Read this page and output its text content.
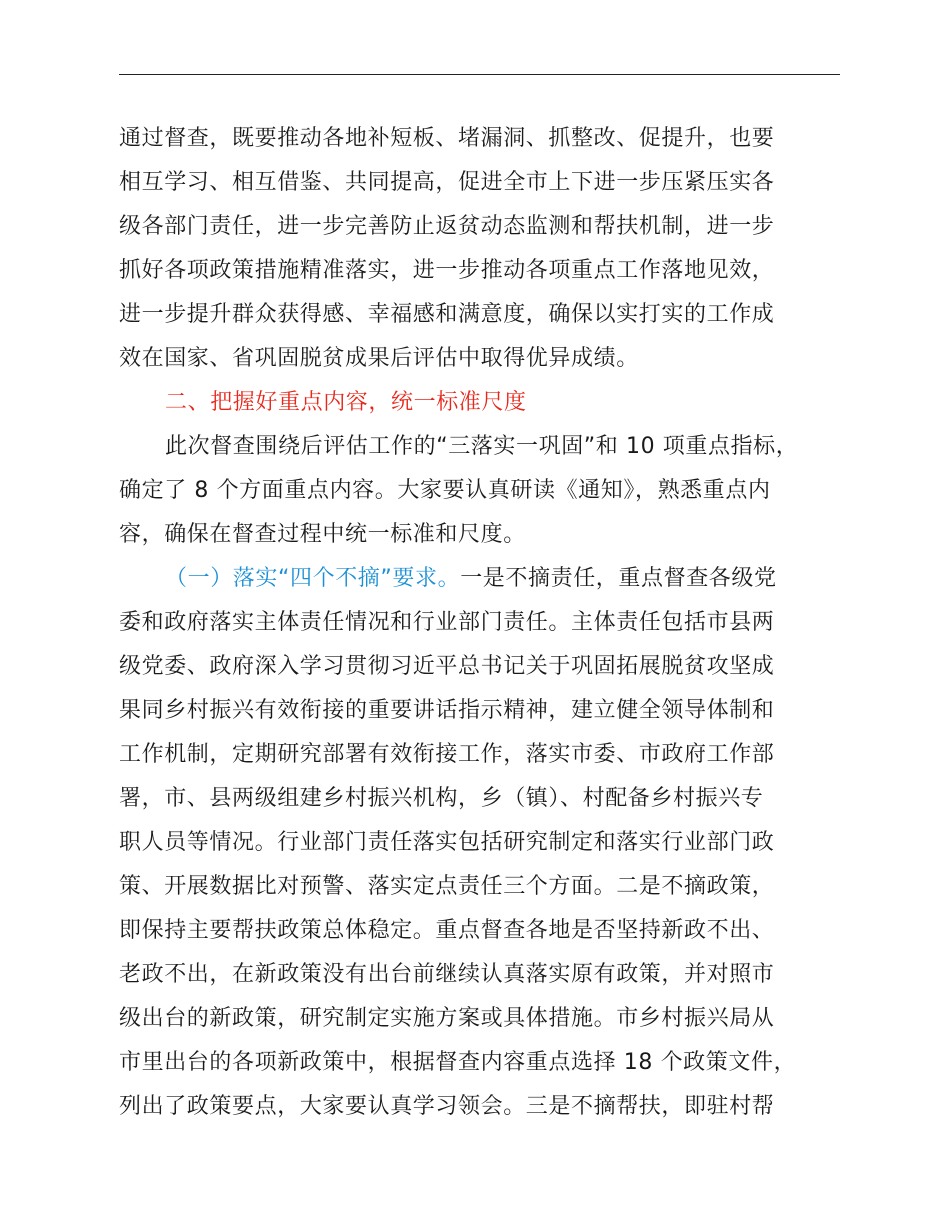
通过督查，既要推动各地补短板、堵漏洞、抓整改、促提升，也要
相互学习、相互借鉴、共同提高，促进全市上下进一步压紧压实各
级各部门责任，进一步完善防止返贫动态监测和帮扶机制，进一步
抓好各项政策措施精准落实，进一步推动各项重点工作落地见效，
进一步提升群众获得感、幸福感和满意度，确保以实打实的工作成
效在国家、省巩固脱贫成果后评估中取得优异成绩。
二、把握好重点内容，统一标准尺度
此次督查围绕后评估工作的“三落实一巩固”和 10 项重点指标，
确定了 8 个方面重点内容。大家要认真研读《通知》，熟悉重点内
容，确保在督查过程中统一标准和尺度。
（一）落实“四个不摘”要求。一是不摘责任，重点督查各级党
委和政府落实主体责任情况和行业部门责任。主体责任包括市县两
级党委、政府深入学习贯彻习近平总书记关于巩固拓展脱贫攻坚成
果同乡村振兴有效衔接的重要讲话指示精神，建立健全领导体制和
工作机制，定期研究部署有效衔接工作，落实市委、市政府工作部
署，市、县两级组建乡村振兴机构，乡（镇）、村配备乡村振兴专
职人员等情况。行业部门责任落实包括研究制定和落实行业部门政
策、开展数据比对预警、落实定点责任三个方面。二是不摘政策，
即保持主要帮扶政策总体稳定。重点督查各地是否坚持新政不出、
老政不出，在新政策没有出台前继续认真落实原有政策，并对照市
级出台的新政策，研究制定实施方案或具体措施。市乡村振兴局从
市里出台的各项新政策中，根据督查内容重点选择 18 个政策文件，
列出了政策要点，大家要认真学习领会。三是不摘帮扶，即驻村帮
